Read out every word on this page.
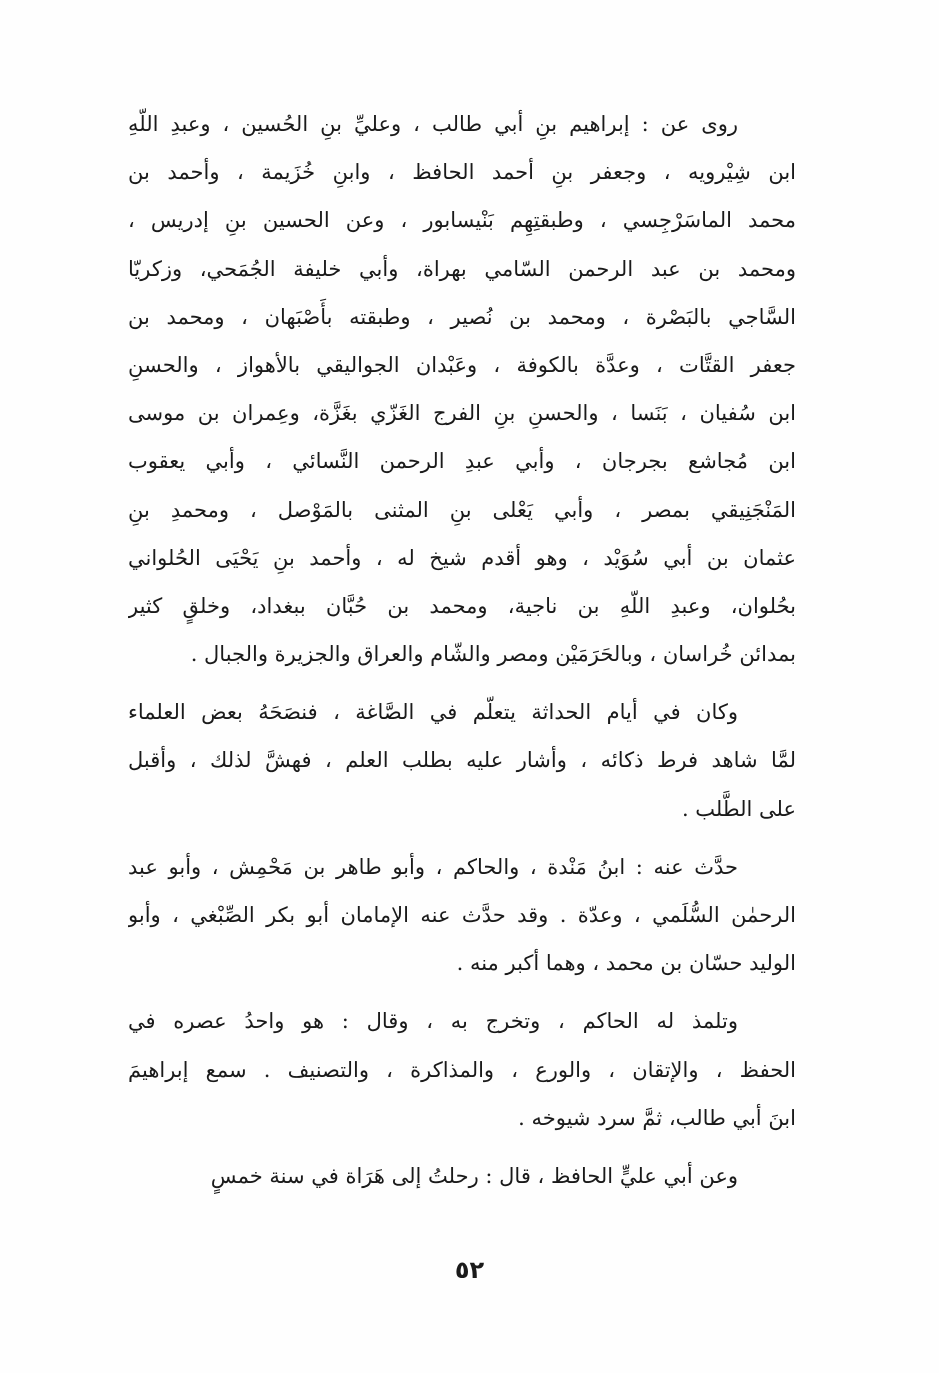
روى عن : إبراهيم بنِ أبي طالب ، وعليِّ بنِ الحُسين ، وعبدِ اللّهِ
ابن شِيْرويه ، وجعفر بنِ أحمد الحافظ ، وابنِ خُزَيمة ، وأحمد بن
محمد الماسَرْجِسي ، وطبقتِهِم بَنْيسابور ، وعن الحسين بنِ إدريس ،
ومحمد بن عبد الرحمن السّامي بهراة، وأبي خليفة الجُمَحي، وزكريّا
السَّاجي بالبَصْرة ، ومحمد بن نُصير ، وطبقته بأَصْبَهان ، ومحمد بن
جعفر القتَّات ، وعدَّة بالكوفة ، وعَبْدان الجواليقي بالأهواز ، والحسنِ
ابن سُفيان ، بَنَسا ، والحسنِ بنِ الفرج الغَزّي بغَزَّة، وعِمران بن موسى
ابن مُجاشع بجرجان ، وأبي عبدِ الرحمن النَّسائي ، وأبي يعقوب
المَنْجَنِيقي بمصر ، وأبي يَعْلى بنِ المثنى بالمَوْصل ، ومحمدِ بنِ
عثمان بن أبي سُوَيْد ، وهو أقدم شيخ له ، وأحمد بنِ يَحْيَى الحُلواني
بحُلوان، وعبدِ اللّهِ بن ناجية، ومحمد بن حُبَّان ببغداد، وخلقٍ كثير
بمدائن خُراسان ، وبالحَرَمَيْن ومصر والشّام والعراق والجزيرة والجبال .
وكان في أيام الحداثة يتعلّم في الصَّاغة ، فنصَحَهُ بعض العلماء
لمَّا شاهد فرط ذكائه ، وأشار عليه بطلب العلم ، فهشَّ لذلك ، وأقبل
على الطَّلب .
حدَّث عنه : ابنُ مَنْدة ، والحاكم ، وأبو طاهر بن مَحْمِش ، وأبو عبد
الرحمٰن السُّلَمي ، وعدّة . وقد حدَّث عنه الإمامان أبو بكر الصِّبْغي ، وأبو
الوليد حسّان بن محمد ، وهما أكبر منه .
وتلمذ له الحاكم ، وتخرج به ، وقال : هو واحدُ عصره في
الحفظ ، والإتقان ، والورع ، والمذاكرة ، والتصنيف . سمع إبراهيمَ
ابنَ أبي طالب، ثمَّ سرد شيوخه .
وعن أبي عليٍّ الحافظ ، قال : رحلتُ إلى هَرَاة في سنة خمسٍ
٥٢
